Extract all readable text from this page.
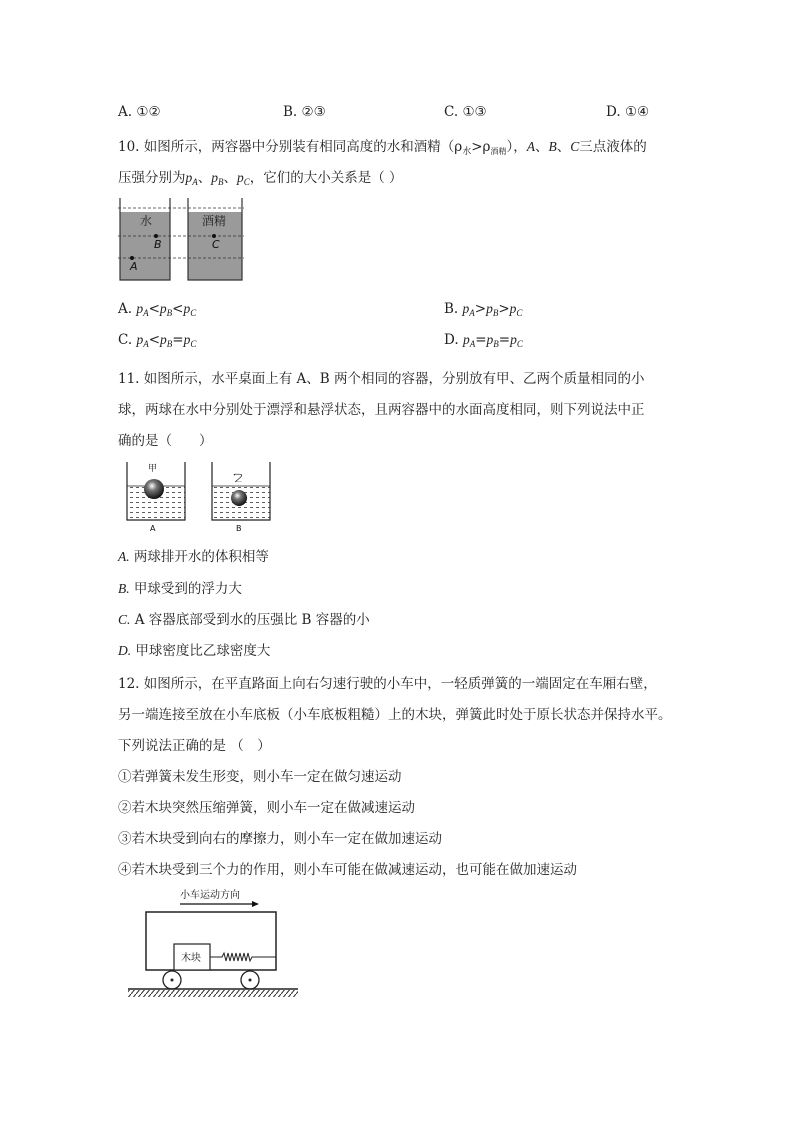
A. ①②	B. ②③	C. ①③	D. ①④
10. 如图所示，两容器中分别装有相同高度的水和酒精$(\rho_水>\rho_{酒精})$，A、B、C三点液体的
压强分别为$p_A$、$p_B$、$p_C$，它们的大小关系是（ ）
水	酒精
B	C
A
A. $p_A<p_B<p_C$	B. $p_A>p_B>p_C$
C. $p_A<p_B=p_C$	D. $p_A=p_B=p_C$
11. 如图所示，水平桌面上有 A、B 两个相同的容器，分别放有甲、乙两个质量相同的小
球，两球在水中分别处于漂浮和悬浮状态，且两容器中的水面高度相同，则下列说法中正
确的是（　　）
甲
A
乙
B
A. 两球排开水的体积相等
B. 甲球受到的浮力大
C. A 容器底部受到水的压强比 B 容器的小
D. 甲球密度比乙球密度大
12. 如图所示，在平直路面上向右匀速行驶的小车中，一轻质弹簧的一端固定在车厢右壁，
另一端连接至放在小车底板（小车底板粗糙）上的木块，弹簧此时处于原长状态并保持水平。
下列说法正确的是 （　）
①若弹簧未发生形变，则小车一定在做匀速运动
②若木块突然压缩弹簧，则小车一定在做减速运动
③若木块受到向右的摩擦力，则小车一定在做加速运动
④若木块受到三个力的作用，则小车可能在做减速运动，也可能在做加速运动
小车运动方向
木块
